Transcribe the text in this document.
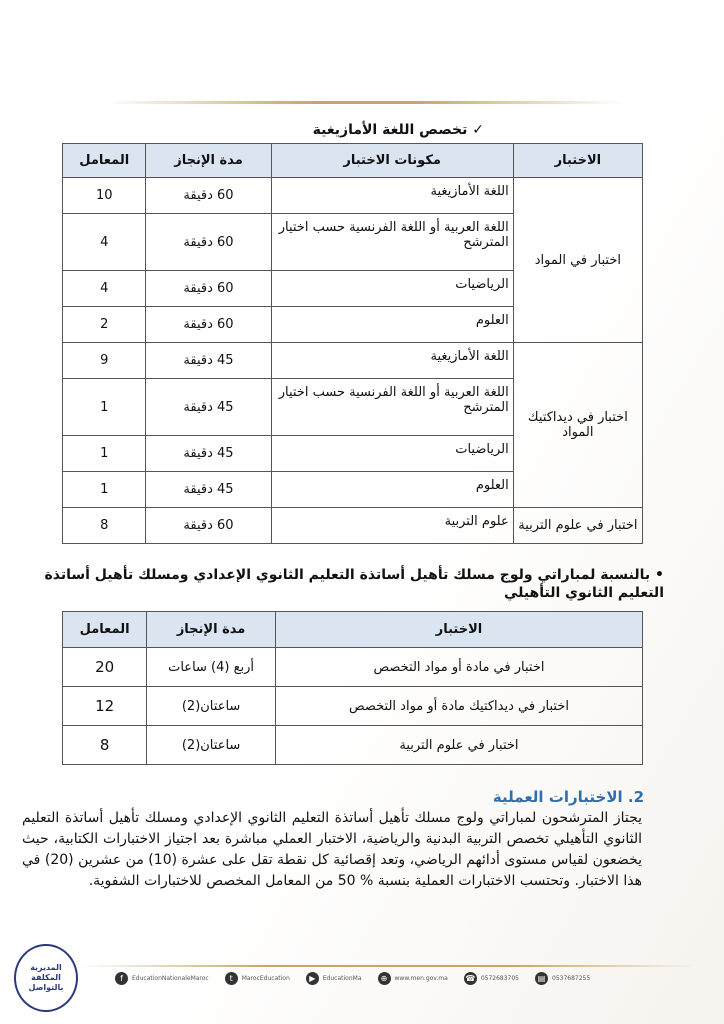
✓ تخصص اللغة الأمازيغية
الاختبار	مكونات الاختبار	مدة الإنجاز	المعامل
اختبار في المواد	اللغة الأمازيغية	60 دقيقة	10
	اللغة العربية أو اللغة الفرنسية حسب اختيار المترشح	60 دقيقة	4
	الرياضيات	60 دقيقة	4
	العلوم	60 دقيقة	2
اختبار في ديداكتيك المواد	اللغة الأمازيغية	45 دقيقة	9
	اللغة العربية أو اللغة الفرنسية حسب اختيار المترشح	45 دقيقة	1
	الرياضيات	45 دقيقة	1
	العلوم	45 دقيقة	1
اختبار في علوم التربية	علوم التربية	60 دقيقة	8
• بالنسبة لمباراتي ولوج مسلك تأهيل أساتذة التعليم الثانوي الإعدادي ومسلك تأهيل أساتذة التعليم الثانوي التأهيلي
الاختبار	مدة الإنجاز	المعامل
اختبار في مادة أو مواد التخصص	أربع (4) ساعات	20
اختبار في ديداكتيك مادة أو مواد التخصص	ساعتان(2)	12
اختبار في علوم التربية	ساعتان(2)	8
2. الاختبارات العملية
يجتاز المترشحون لمباراتي ولوج مسلك تأهيل أساتذة التعليم الثانوي الإعدادي ومسلك تأهيل أساتذة التعليم الثانوي التأهيلي تخصص التربية البدنية والرياضية، الاختبار العملي مباشرة بعد اجتياز الاختبارات الكتابية، حيث يخضعون لقياس مستوى أدائهم الرياضي، وتعد إقصائية كل نقطة تقل على عشرة (10) من عشرين (20) في هذا الاختبار. وتحتسب الاختبارات العملية بنسبة % 50 من المعامل المخصص للاختبارات الشفوية.
المديرية المكلفة بالتواصل
f	EducationNationaleMaroc	t	MarocEducation	▶	EducationMa	⊕	www.men.gov.ma ☎ 0572683705	▤	0537687255
